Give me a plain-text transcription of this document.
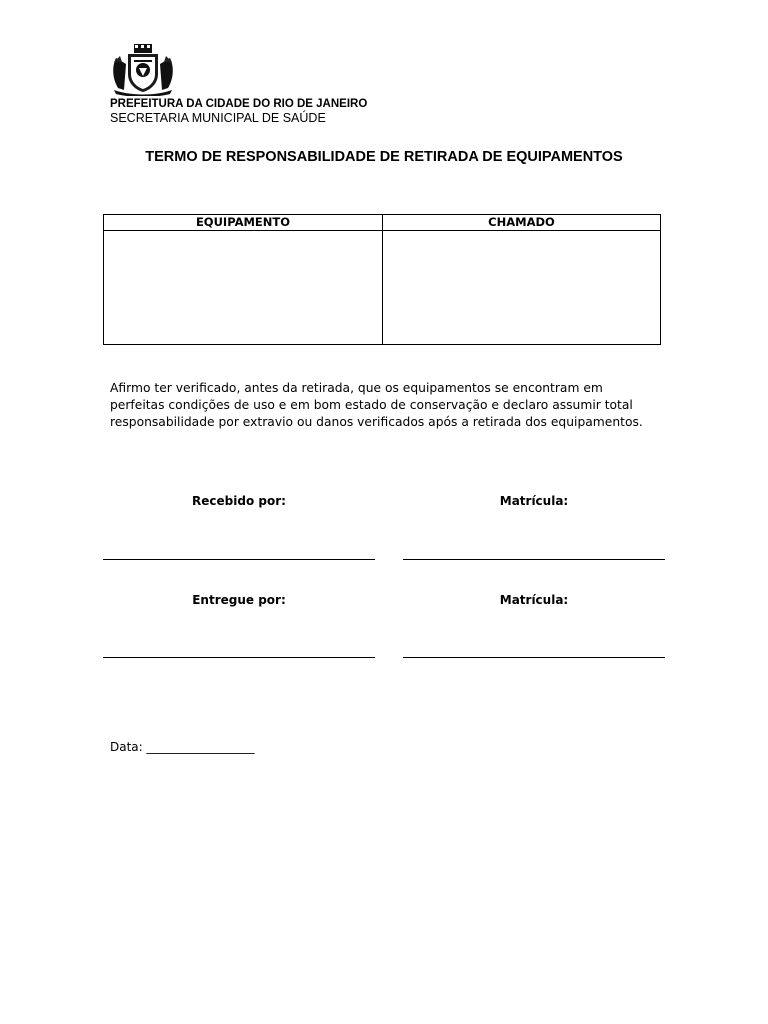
PREFEITURA DA CIDADE DO RIO DE JANEIRO
SECRETARIA MUNICIPAL DE SAÚDE
TERMO DE RESPONSABILIDADE DE RETIRADA DE EQUIPAMENTOS
EQUIPAMENTO	CHAMADO

Afirmo ter verificado, antes da retirada, que os equipamentos se encontram em perfeitas condições de uso e em bom estado de conservação e declaro assumir total responsabilidade por extravio ou danos verificados após a retirada dos equipamentos.
Recebido por:	Matrícula:
Entregue por:	Matrícula:
Data: __________________
